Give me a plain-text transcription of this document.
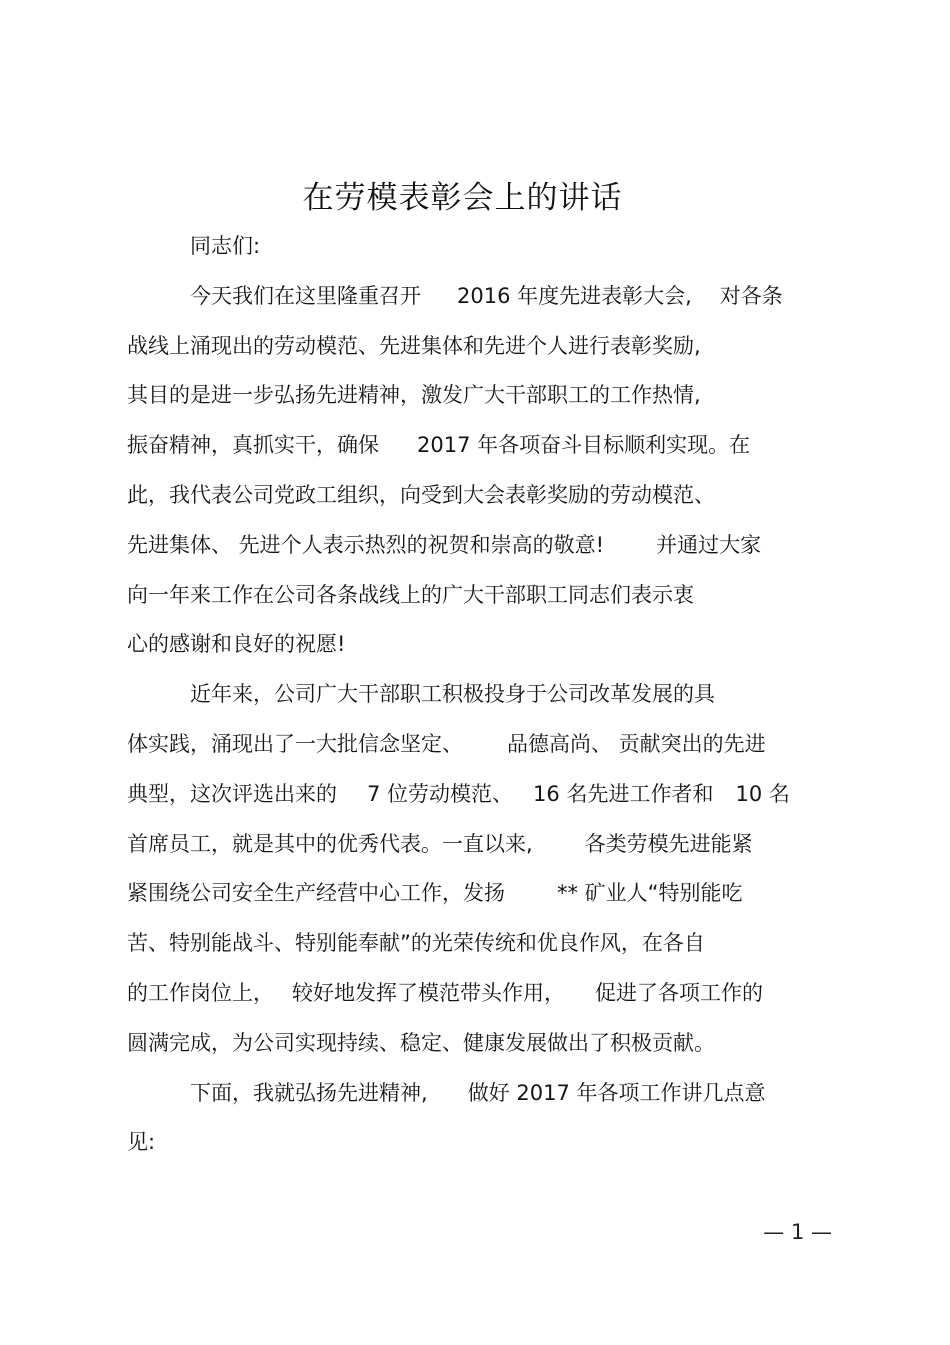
在劳模表彰会上的讲话
同志们:
今天我们在这里隆重召开 2016 年度先进表彰大会, 对各条
战线上涌现出的劳动模范、先进集体和先进个人进行表彰奖励,
其目的是进一步弘扬先进精神，激发广大干部职工的工作热情,
振奋精神，真抓实干，确保 2017 年各项奋斗目标顺利实现。在
此，我代表公司党政工组织，向受到大会表彰奖励的劳动模范、
先进集体、 先进个人表示热烈的祝贺和崇高的敬意! 并通过大家
向一年来工作在公司各条战线上的广大干部职工同志们表示衷
心的感谢和良好的祝愿!
近年来，公司广大干部职工积极投身于公司改革发展的具
体实践，涌现出了一大批信念坚定、 品德高尚、 贡献突出的先进
典型，这次评选出来的 7 位劳动模范、 16 名先进工作者和 10 名
首席员工，就是其中的优秀代表。一直以来, 各类劳模先进能紧
紧围绕公司安全生产经营中心工作，发扬 ** 矿业人“特别能吃
苦、特别能战斗、特别能奉献”的光荣传统和优良作风，在各自
的工作岗位上， 较好地发挥了模范带头作用， 促进了各项工作的
圆满完成，为公司实现持续、稳定、健康发展做出了积极贡献。
下面，我就弘扬先进精神, 做好 2017 年各项工作讲几点意
见:
— 1 —
